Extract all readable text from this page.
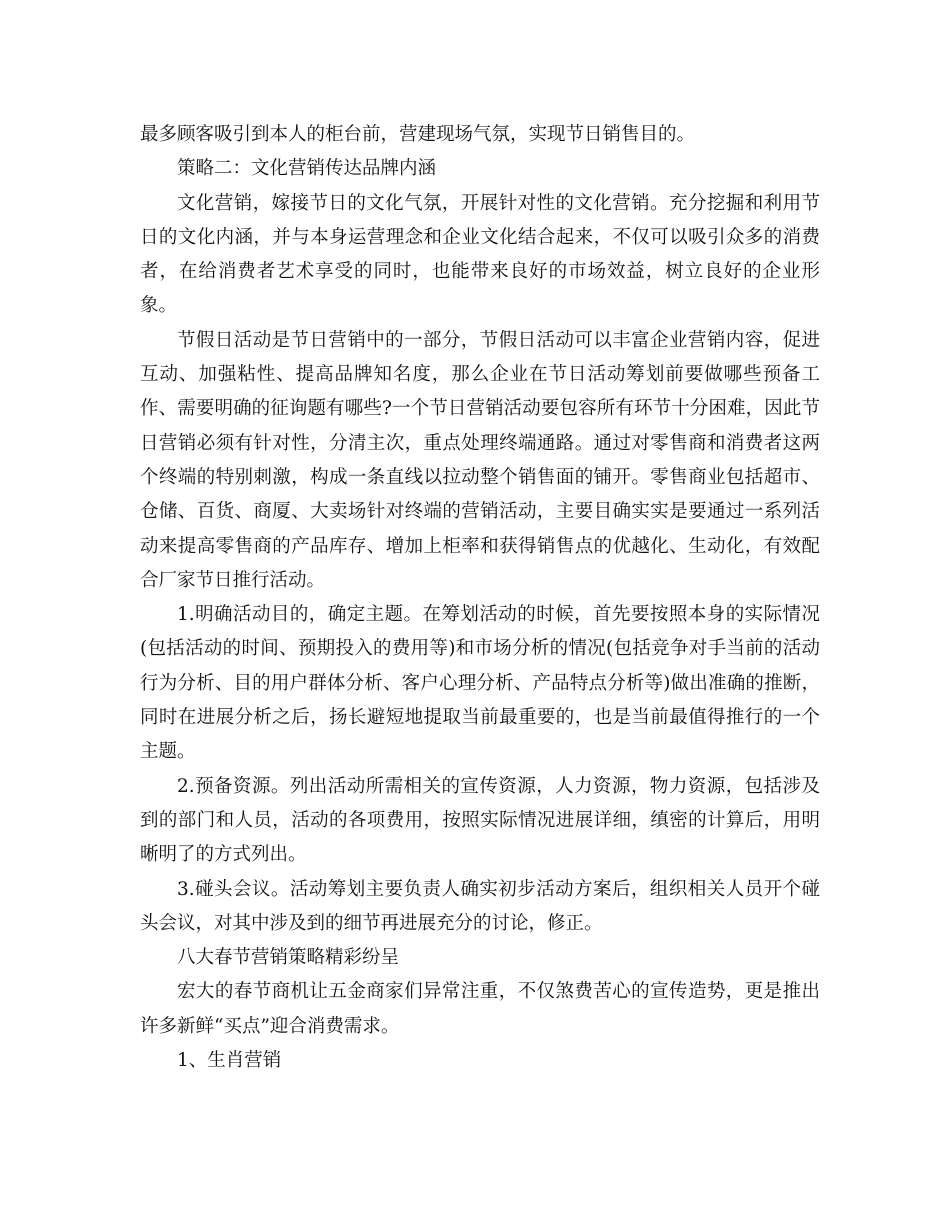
最多顾客吸引到本人的柜台前，营建现场气氛，实现节日销售目的。

策略二：文化营销传达品牌内涵

文化营销，嫁接节日的文化气氛，开展针对性的文化营销。充分挖掘和利用节日的文化内涵，并与本身运营理念和企业文化结合起来，不仅可以吸引众多的消费者，在给消费者艺术享受的同时，也能带来良好的市场效益，树立良好的企业形象。

节假日活动是节日营销中的一部分，节假日活动可以丰富企业营销内容，促进互动、加强粘性、提高品牌知名度，那么企业在节日活动筹划前要做哪些预备工作、需要明确的征询题有哪些?一个节日营销活动要包容所有环节十分困难，因此节日营销必须有针对性，分清主次，重点处理终端通路。通过对零售商和消费者这两个终端的特别刺激，构成一条直线以拉动整个销售面的铺开。零售商业包括超市、仓储、百货、商厦、大卖场针对终端的营销活动，主要目确实实是要通过一系列活动来提高零售商的产品库存、增加上柜率和获得销售点的优越化、生动化，有效配合厂家节日推行活动。

1.明确活动目的，确定主题。在筹划活动的时候，首先要按照本身的实际情况(包括活动的时间、预期投入的费用等)和市场分析的情况(包括竞争对手当前的活动行为分析、目的用户群体分析、客户心理分析、产品特点分析等)做出准确的推断，同时在进展分析之后，扬长避短地提取当前最重要的，也是当前最值得推行的一个主题。

2.预备资源。列出活动所需相关的宣传资源，人力资源，物力资源，包括涉及到的部门和人员，活动的各项费用，按照实际情况进展详细，缜密的计算后，用明晰明了的方式列出。

3.碰头会议。活动筹划主要负责人确实初步活动方案后，组织相关人员开个碰头会议，对其中涉及到的细节再进展充分的讨论，修正。

八大春节营销策略精彩纷呈

宏大的春节商机让五金商家们异常注重，不仅煞费苦心的宣传造势，更是推出许多新鲜“买点”迎合消费需求。

1、生肖营销
